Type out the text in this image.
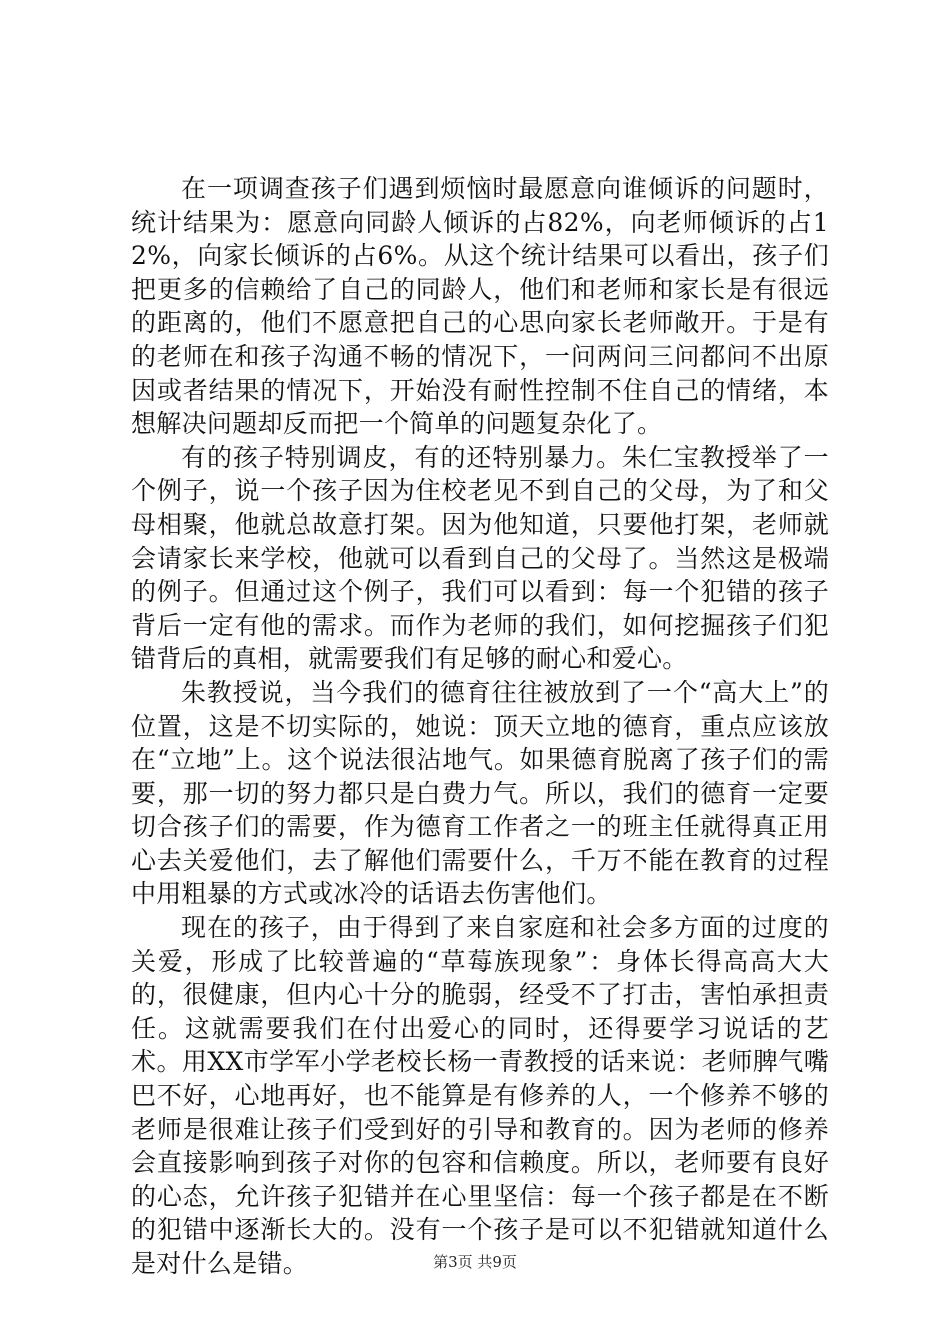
在一项调查孩子们遇到烦恼时最愿意向谁倾诉的问题时，统计结果为：愿意向同龄人倾诉的占82%，向老师倾诉的占12%，向家长倾诉的占6%。从这个统计结果可以看出，孩子们把更多的信赖给了自己的同龄人，他们和老师和家长是有很远的距离的，他们不愿意把自己的心思向家长老师敞开。于是有的老师在和孩子沟通不畅的情况下，一问两问三问都问不出原因或者结果的情况下，开始没有耐性控制不住自己的情绪，本想解决问题却反而把一个简单的问题复杂化了。

有的孩子特别调皮，有的还特别暴力。朱仁宝教授举了一个例子，说一个孩子因为住校老见不到自己的父母，为了和父母相聚，他就总故意打架。因为他知道，只要他打架，老师就会请家长来学校，他就可以看到自己的父母了。当然这是极端的例子。但通过这个例子，我们可以看到：每一个犯错的孩子背后一定有他的需求。而作为老师的我们，如何挖掘孩子们犯错背后的真相，就需要我们有足够的耐心和爱心。

朱教授说，当今我们的德育往往被放到了一个“高大上”的位置，这是不切实际的，她说：顶天立地的德育，重点应该放在“立地”上。这个说法很沾地气。如果德育脱离了孩子们的需要，那一切的努力都只是白费力气。所以，我们的德育一定要切合孩子们的需要，作为德育工作者之一的班主任就得真正用心去关爱他们，去了解他们需要什么，千万不能在教育的过程中用粗暴的方式或冰冷的话语去伤害他们。

现在的孩子，由于得到了来自家庭和社会多方面的过度的关爱，形成了比较普遍的“草莓族现象”：身体长得高高大大的，很健康，但内心十分的脆弱，经受不了打击，害怕承担责任。这就需要我们在付出爱心的同时，还得要学习说话的艺术。用XX市学军小学老校长杨一青教授的话来说：老师脾气嘴巴不好，心地再好，也不能算是有修养的人，一个修养不够的老师是很难让孩子们受到好的引导和教育的。因为老师的修养会直接影响到孩子对你的包容和信赖度。所以，老师要有良好的心态，允许孩子犯错并在心里坚信：每一个孩子都是在不断的犯错中逐渐长大的。没有一个孩子是可以不犯错就知道什么是对什么是错。	第3页 共9页
